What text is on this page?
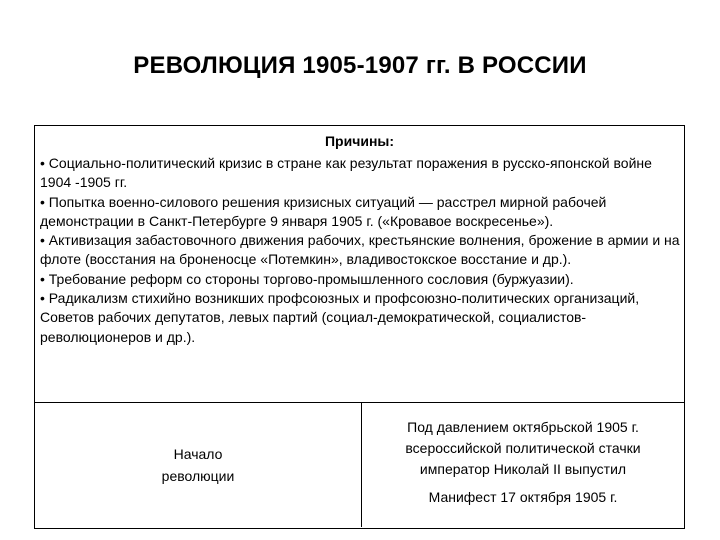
РЕВОЛЮЦИЯ 1905-1907 гг. В РОССИИ
Причины:

• Социально-политический кризис в стране как результат поражения в русско-японской войне 1904 -1905 гг.

• Попытка военно-силового решения кризисных ситуаций — расстрел мирной рабочей демонстрации в Санкт-Петербурге 9 января 1905 г. («Кровавое воскресенье»).

• Активизация забастовочного движения рабочих, крестьянские волнения, брожение в армии и на флоте (восстания на броненосце «Потемкин», владивостокское восстание и др.).

• Требование реформ со стороны торгово-промышленного сословия (буржуазии).

• Радикализм стихийно возникших профсоюзных и профсоюзно-политических организаций, Советов рабочих депутатов, левых партий (социал-демократической, социалистов-революционеров и др.).

Начало
революции
Под давлением октябрьской 1905 г.
всероссийской политической стачки
император Николай II выпустил
Манифест 17 октября 1905 г.
